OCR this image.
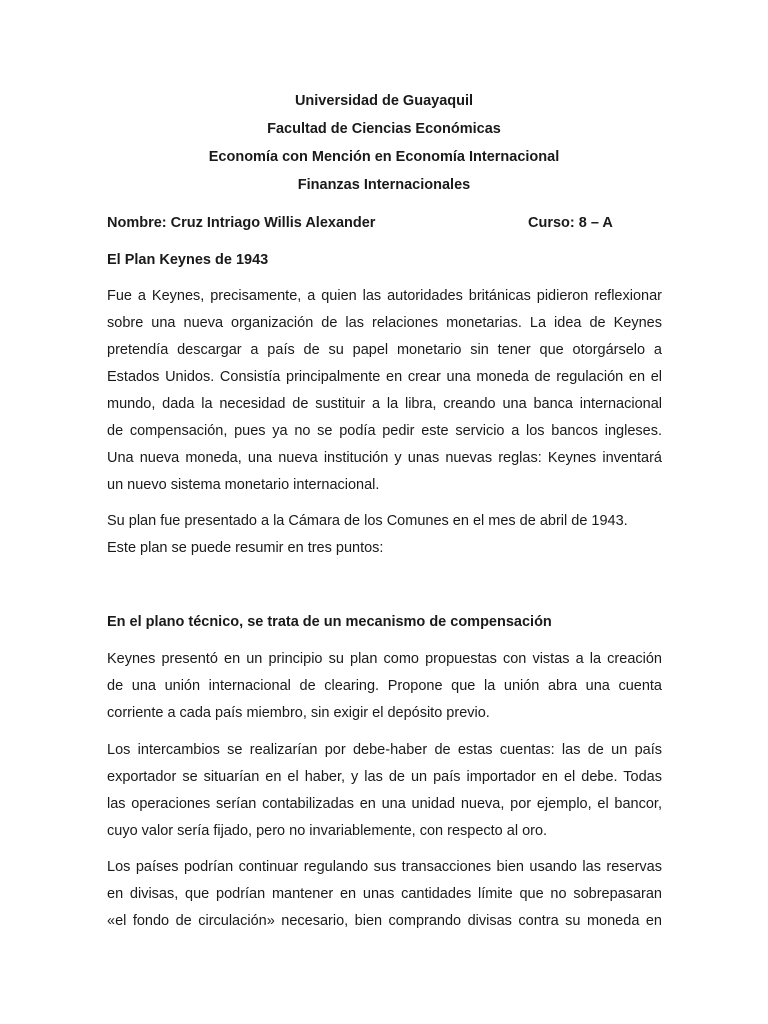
Universidad de Guayaquil
Facultad de Ciencias Económicas
Economía con Mención en Economía Internacional
Finanzas Internacionales
Nombre: Cruz Intriago Willis Alexander	Curso: 8 – A
El Plan Keynes de 1943
Fue a Keynes, precisamente, a quien las autoridades británicas pidieron reflexionar
sobre una nueva organización de las relaciones monetarias. La idea de Keynes
pretendía descargar a país de su papel monetario sin tener que otorgárselo a
Estados Unidos. Consistía principalmente en crear una moneda de regulación en el
mundo, dada la necesidad de sustituir a la libra, creando una banca internacional
de compensación, pues ya no se podía pedir este servicio a los bancos ingleses.
Una nueva moneda, una nueva institución y unas nuevas reglas: Keynes inventará
un nuevo sistema monetario internacional.
Su plan fue presentado a la Cámara de los Comunes en el mes de abril de 1943.
Este plan se puede resumir en tres puntos:
En el plano técnico, se trata de un mecanismo de compensación
Keynes presentó en un principio su plan como propuestas con vistas a la creación
de una unión internacional de clearing. Propone que la unión abra una cuenta
corriente a cada país miembro, sin exigir el depósito previo.
Los intercambios se realizarían por debe-haber de estas cuentas: las de un país
exportador se situarían en el haber, y las de un país importador en el debe. Todas
las operaciones serían contabilizadas en una unidad nueva, por ejemplo, el bancor,
cuyo valor sería fijado, pero no invariablemente, con respecto al oro.
Los países podrían continuar regulando sus transacciones bien usando las reservas
en divisas, que podrían mantener en unas cantidades límite que no sobrepasaran
«el fondo de circulación» necesario, bien comprando divisas contra su moneda en
